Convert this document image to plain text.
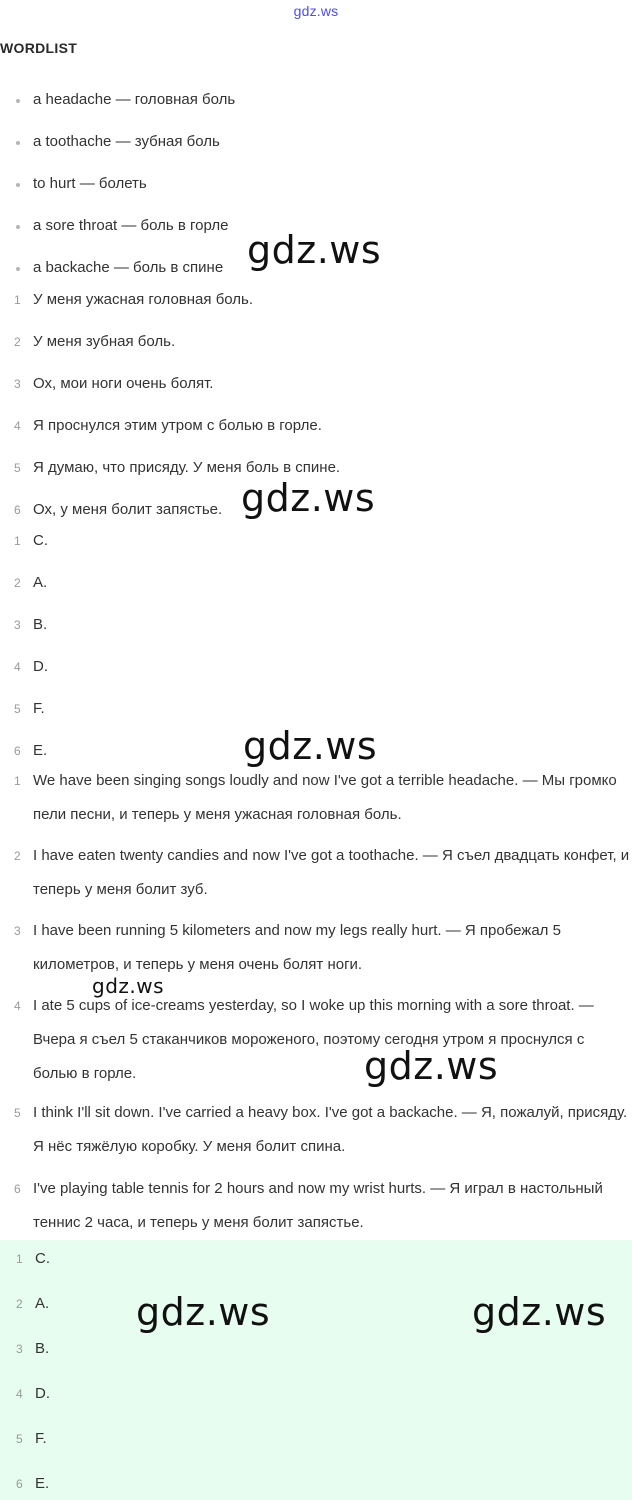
gdz.ws
WORDLIST
a headache — головная боль
a toothache — зубная боль
to hurt — болеть
a sore throat — боль в горле
a backache — боль в спине
1 У меня ужасная головная боль.
2 У меня зубная боль.
3 Ох, мои ноги очень болят.
4 Я проснулся этим утром с болью в горле.
5 Я думаю, что присяду. У меня боль в спине.
6 Ох, у меня болит запястье.
1 C.
2 A.
3 B.
4 D.
5 F.
6 E.
1 We have been singing songs loudly and now I've got a terrible headache. — Мы громко пели песни, и теперь у меня ужасная головная боль.
2 I have eaten twenty candies and now I've got a toothache. — Я съел двадцать конфет, и теперь у меня болит зуб.
3 I have been running 5 kilometers and now my legs really hurt. — Я пробежал 5 километров, и теперь у меня очень болят ноги.
4 I ate 5 cups of ice-creams yesterday, so I woke up this morning with a sore throat. — Вчера я съел 5 стаканчиков мороженого, поэтому сегодня утром я проснулся с болью в горле.
5 I think I'll sit down. I've carried a heavy box. I've got a backache. — Я, пожалуй, присяду. Я нёс тяжёлую коробку. У меня болит спина.
6 I've playing table tennis for 2 hours and now my wrist hurts. — Я играл в настольный теннис 2 часа, и теперь у меня болит запястье.
1 C.
2 A.
3 B.
4 D.
5 F.
6 E.
gdz.ws
gdz.ws
gdz.ws
gdz.ws
gdz.ws
gdz.ws	gdz.ws
